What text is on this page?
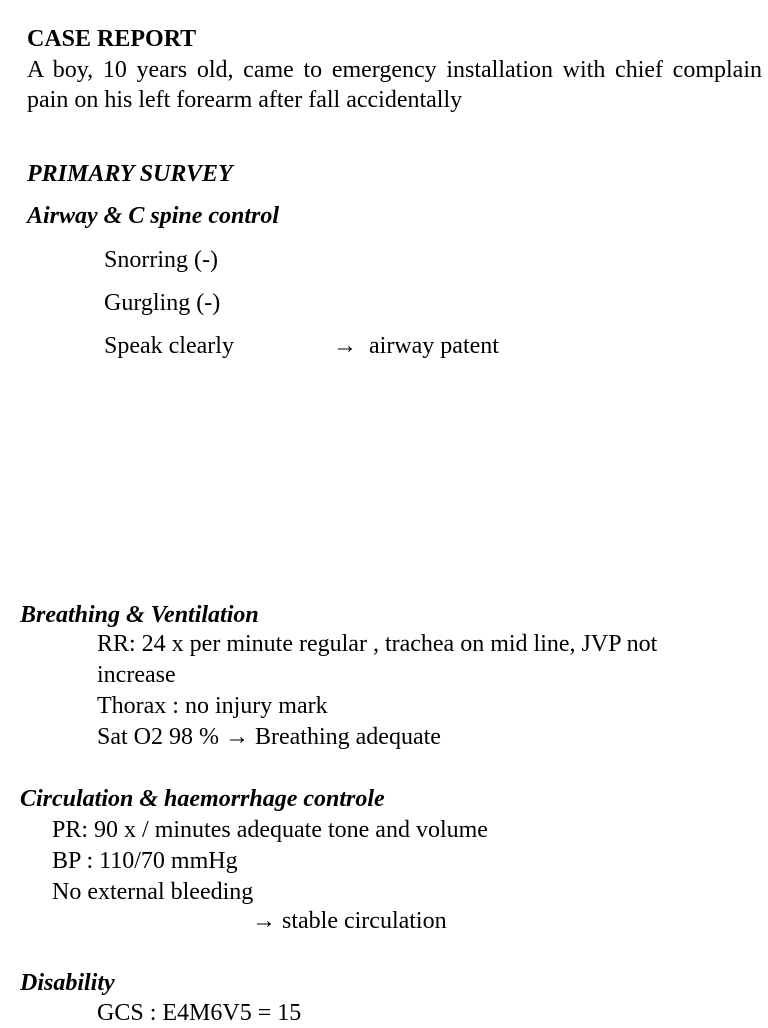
CASE REPORT

A boy, 10 years old, came to emergency installation with chief complain pain on his left forearm after fall accidentally

PRIMARY SURVEY
Airway & C spine control
Snorring (-)
Gurgling (-)
Speak clearly	→ airway patent
Breathing & Ventilation
RR: 24 x per minute regular , trachea on mid line, JVP not increase
Thorax : no injury mark
Sat O2 98 % → Breathing adequate
Circulation & haemorrhage controle
PR: 90 x / minutes adequate tone and volume
BP : 110/70 mmHg
No external bleeding
→ stable circulation
Disability
GCS : E4M6V5 = 15
